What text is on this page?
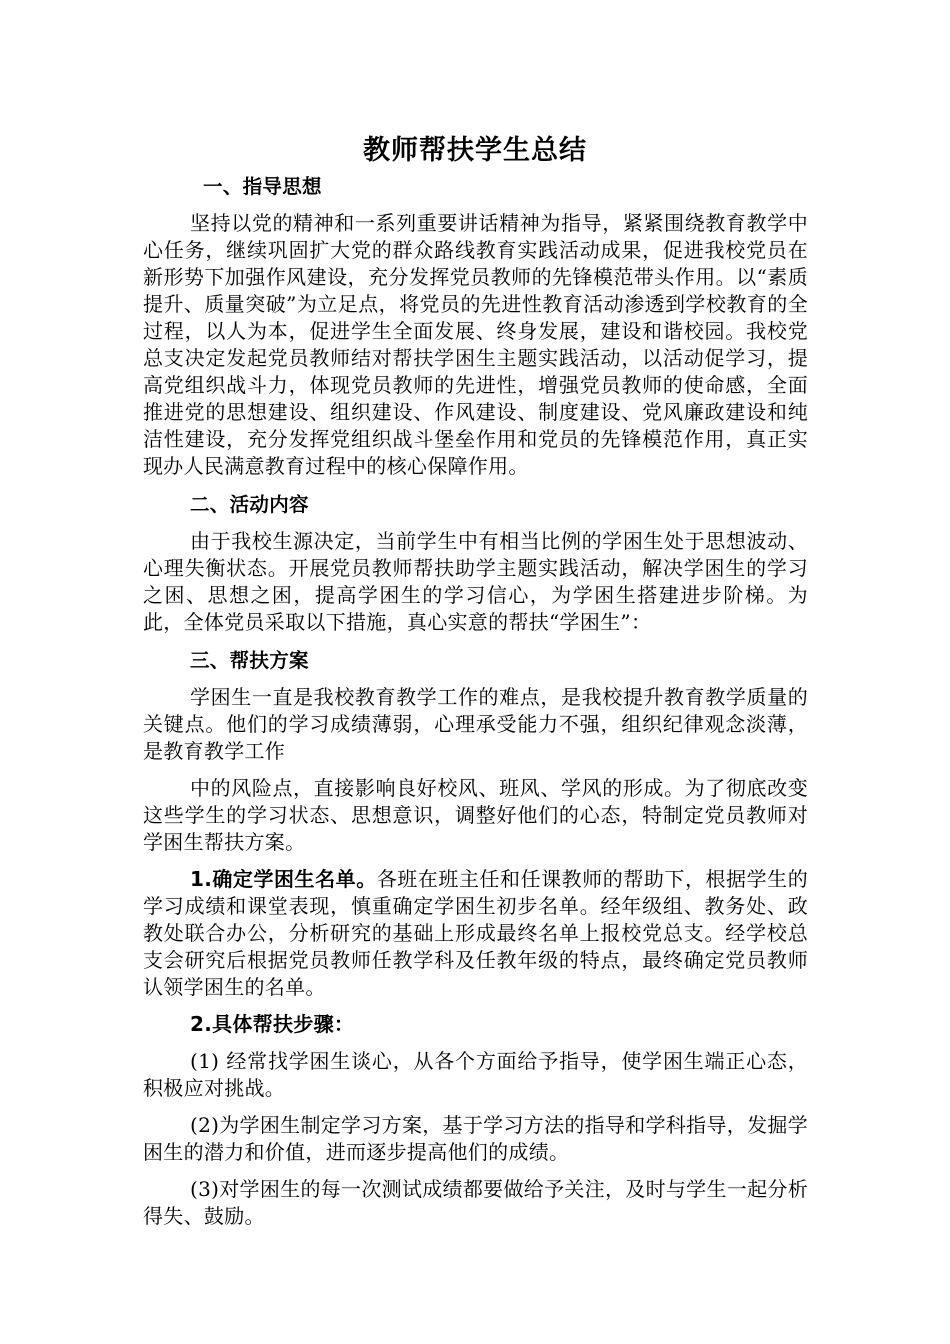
教师帮扶学生总结
一、指导思想

坚持以党的精神和一系列重要讲话精神为指导，紧紧围绕教育教学中心任务，继续巩固扩大党的群众路线教育实践活动成果，促进我校党员在新形势下加强作风建设，充分发挥党员教师的先锋模范带头作用。以“素质提升、质量突破”为立足点，将党员的先进性教育活动渗透到学校教育的全过程，以人为本，促进学生全面发展、终身发展，建设和谐校园。我校党总支决定发起党员教师结对帮扶学困生主题实践活动，以活动促学习，提高党组织战斗力，体现党员教师的先进性，增强党员教师的使命感，全面推进党的思想建设、组织建设、作风建设、制度建设、党风廉政建设和纯洁性建设，充分发挥党组织战斗堡垒作用和党员的先锋模范作用，真正实现办人民满意教育过程中的核心保障作用。

二、活动内容

由于我校生源决定，当前学生中有相当比例的学困生处于思想波动、心理失衡状态。开展党员教师帮扶助学主题实践活动，解决学困生的学习之困、思想之困，提高学困生的学习信心，为学困生搭建进步阶梯。为此，全体党员采取以下措施，真心实意的帮扶“学困生”：

三、帮扶方案

学困生一直是我校教育教学工作的难点，是我校提升教育教学质量的关键点。他们的学习成绩薄弱，心理承受能力不强，组织纪律观念淡薄，是教育教学工作

中的风险点，直接影响良好校风、班风、学风的形成。为了彻底改变这些学生的学习状态、思想意识，调整好他们的心态，特制定党员教师对学困生帮扶方案。

1.确定学困生名单。各班在班主任和任课教师的帮助下，根据学生的学习成绩和课堂表现，慎重确定学困生初步名单。经年级组、教务处、政教处联合办公，分析研究的基础上形成最终名单上报校党总支。经学校总支会研究后根据党员教师任教学科及任教年级的特点，最终确定党员教师认领学困生的名单。

2.具体帮扶步骤：

(1) 经常找学困生谈心，从各个方面给予指导，使学困生端正心态，积极应对挑战。

(2)为学困生制定学习方案，基于学习方法的指导和学科指导，发掘学困生的潜力和价值，进而逐步提高他们的成绩。

(3)对学困生的每一次测试成绩都要做给予关注，及时与学生一起分析得失、鼓励。
